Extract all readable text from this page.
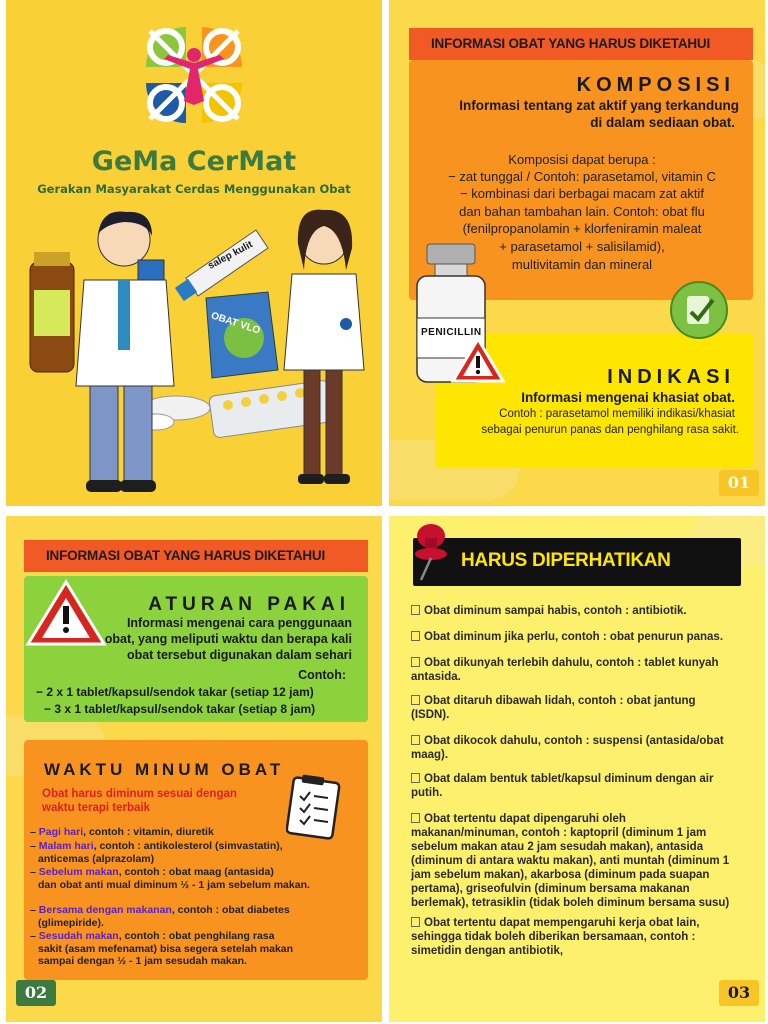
GeMa CerMat
Gerakan Masyarakat Cerdas Menggunakan Obat
salep kulit
OBAT VLO
INFORMASI OBAT YANG HARUS DIKETAHUI
KOMPOSISI
Informasi tentang zat aktif yang terkandung
di dalam sediaan obat.
Komposisi dapat berupa :
− zat tunggal / Contoh: parasetamol, vitamin C
− kombinasi dari berbagai macam zat aktif
dan bahan tambahan lain. Contoh: obat flu
(fenilpropanolamin + klorfeniramin maleat
+ parasetamol + salisilamid),
multivitamin dan mineral
PENICILLIN
INDIKASI
Informasi mengenai khasiat obat.
Contoh : parasetamol memiliki indikasi/khasiat
sebagai penurun panas dan penghilang rasa sakit.
01
INFORMASI OBAT YANG HARUS DIKETAHUI
ATURAN PAKAI
Informasi mengenai cara penggunaan
obat, yang meliputi waktu dan berapa kali
obat tersebut digunakan dalam sehari
Contoh:
− 2 x 1 tablet/kapsul/sendok takar (setiap 12 jam)
− 3 x 1 tablet/kapsul/sendok takar (setiap 8 jam)
WAKTU MINUM OBAT
Obat harus diminum sesuai dengan
waktu terapi terbaik
– Pagi hari, contoh : vitamin, diuretik
– Malam hari, contoh : antikolesterol (simvastatin),
anticemas (alprazolam)
– Sebelum makan, contoh : obat maag (antasida)
dan obat anti mual diminum ½ - 1 jam sebelum makan.
– Bersama dengan makanan, contoh : obat diabetes
(glimepiride).
– Sesudah makan, contoh : obat penghilang rasa
sakit (asam mefenamat) bisa segera setelah makan sampai dengan ½ - 1 jam sesudah makan.
02
HARUS DIPERHATIKAN
Obat diminum sampai habis, contoh : antibiotik.
Obat diminum jika perlu, contoh : obat penurun panas.
Obat dikunyah terlebih dahulu, contoh : tablet kunyah antasida.
Obat ditaruh dibawah lidah, contoh : obat jantung (ISDN).
Obat dikocok dahulu, contoh : suspensi (antasida/obat maag).
Obat dalam bentuk tablet/kapsul diminum dengan air putih.
Obat tertentu dapat dipengaruhi oleh makanan/minuman, contoh : kaptopril (diminum 1 jam sebelum makan atau 2 jam sesudah makan), antasida (diminum di antara waktu makan), anti muntah (diminum 1 jam sebelum makan), akarbosa (diminum pada suapan pertama), griseofulvin (diminum bersama makanan berlemak), tetrasiklin (tidak boleh diminum bersama susu)
Obat tertentu dapat mempengaruhi kerja obat lain, sehingga tidak boleh diberikan bersamaan, contoh : simetidin dengan antibiotik,
03
